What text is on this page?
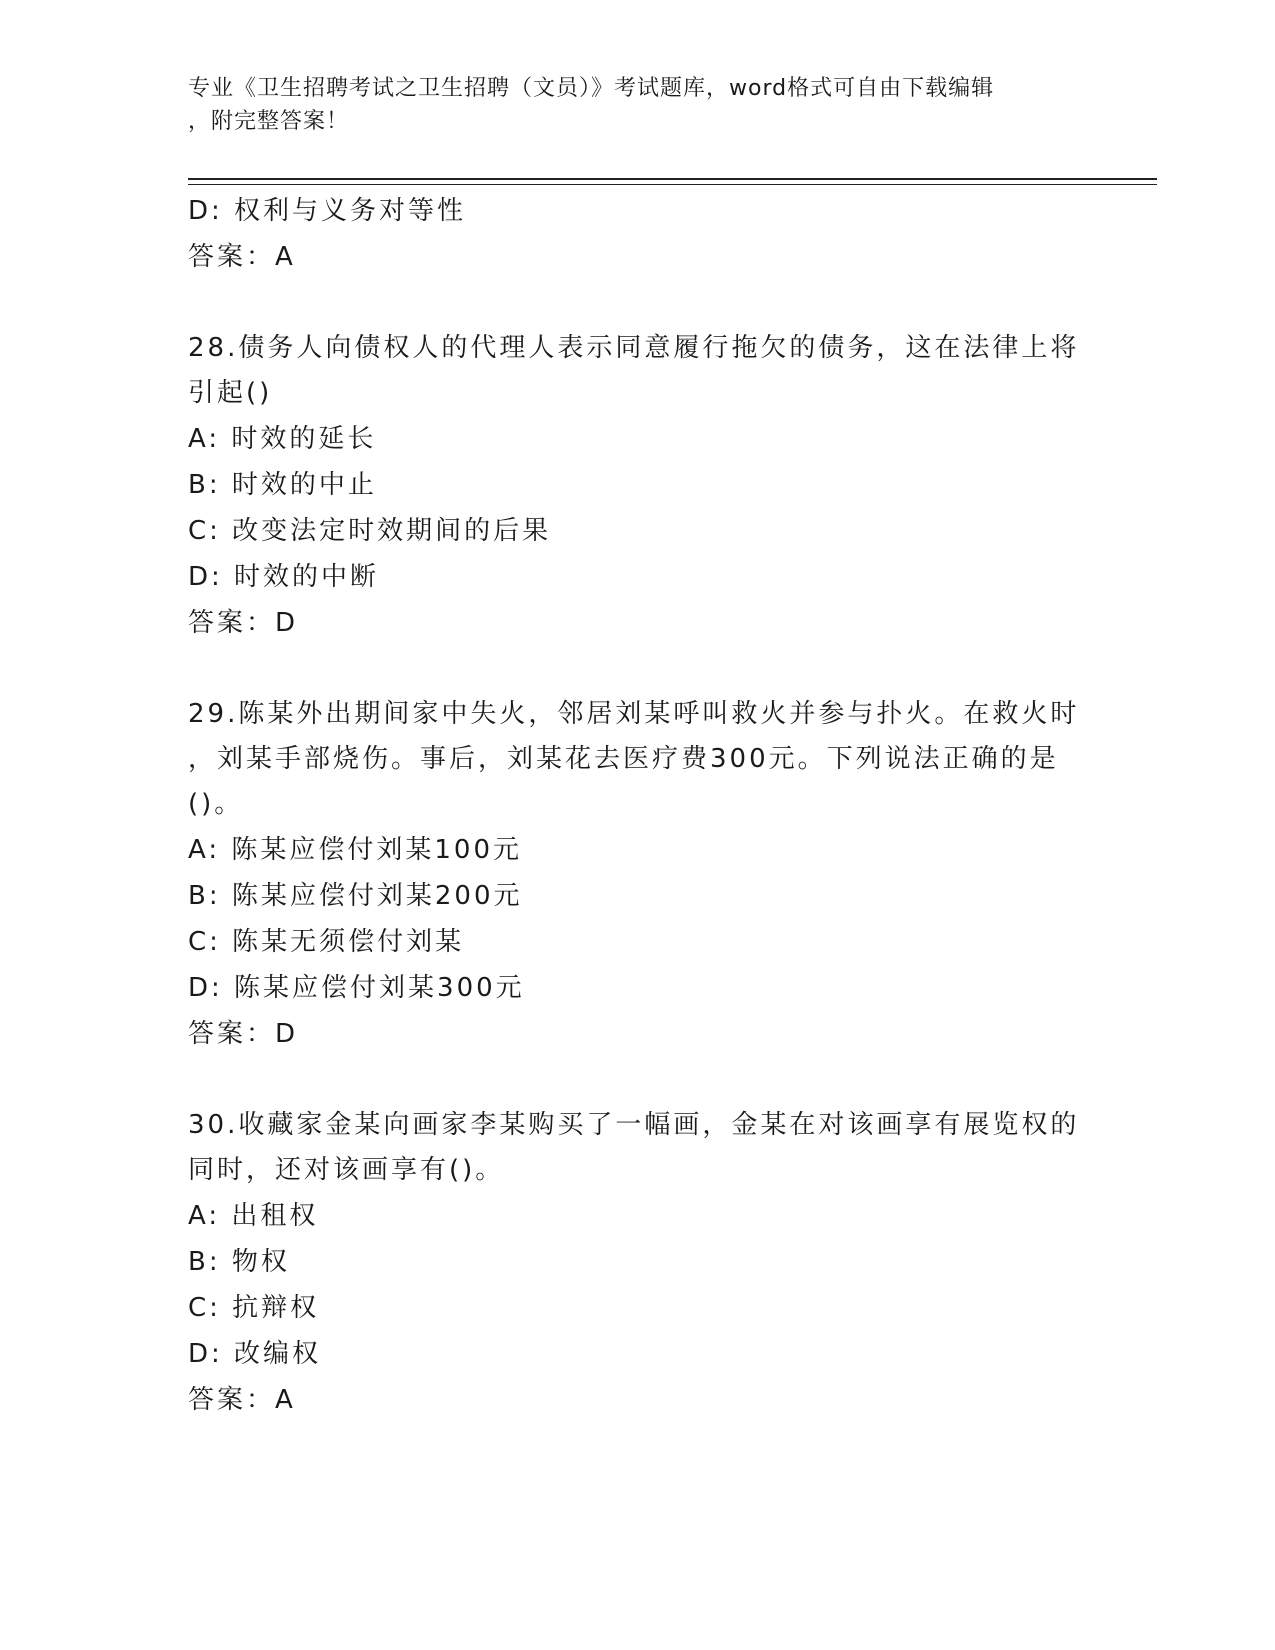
专业《卫生招聘考试之卫生招聘（文员）》考试题库，word格式可自由下载编辑
，附完整答案！
D: 权利与义务对等性
答案：A
28.债务人向债权人的代理人表示同意履行拖欠的债务，这在法律上将
引起()
A: 时效的延长
B: 时效的中止
C: 改变法定时效期间的后果
D: 时效的中断
答案：D
29.陈某外出期间家中失火，邻居刘某呼叫救火并参与扑火。在救火时
，刘某手部烧伤。事后，刘某花去医疗费300元。下列说法正确的是
()。
A: 陈某应偿付刘某100元
B: 陈某应偿付刘某200元
C: 陈某无须偿付刘某
D: 陈某应偿付刘某300元
答案：D
30.收藏家金某向画家李某购买了一幅画，金某在对该画享有展览权的
同时，还对该画享有()。
A: 出租权
B: 物权
C: 抗辩权
D: 改编权
答案：A
